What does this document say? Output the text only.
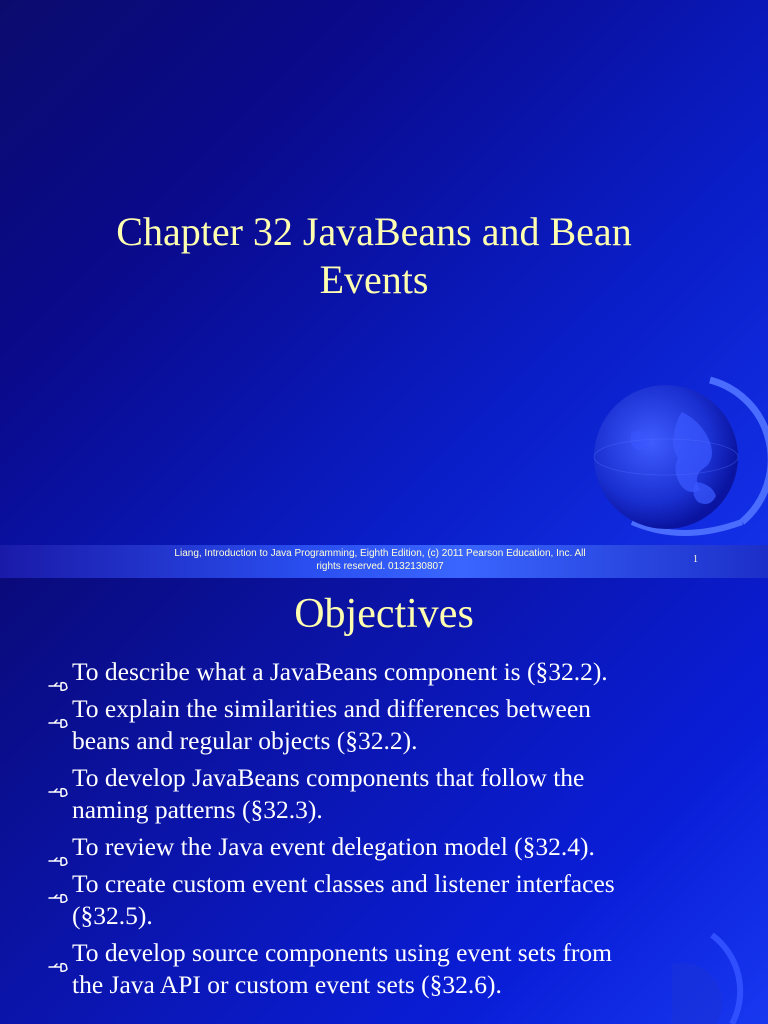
Chapter 32 JavaBeans and Bean
Events
Liang, Introduction to Java Programming, Eighth Edition, (c) 2011 Pearson Education, Inc. All
rights reserved. 0132130807
1
Objectives
To describe what a JavaBeans component is (§32.2).
To explain the similarities and differences between
beans and regular objects (§32.2).
To develop JavaBeans components that follow the
naming patterns (§32.3).
To review the Java event delegation model (§32.4).
To create custom event classes and listener interfaces
(§32.5).
To develop source components using event sets from
the Java API or custom event sets (§32.6).
